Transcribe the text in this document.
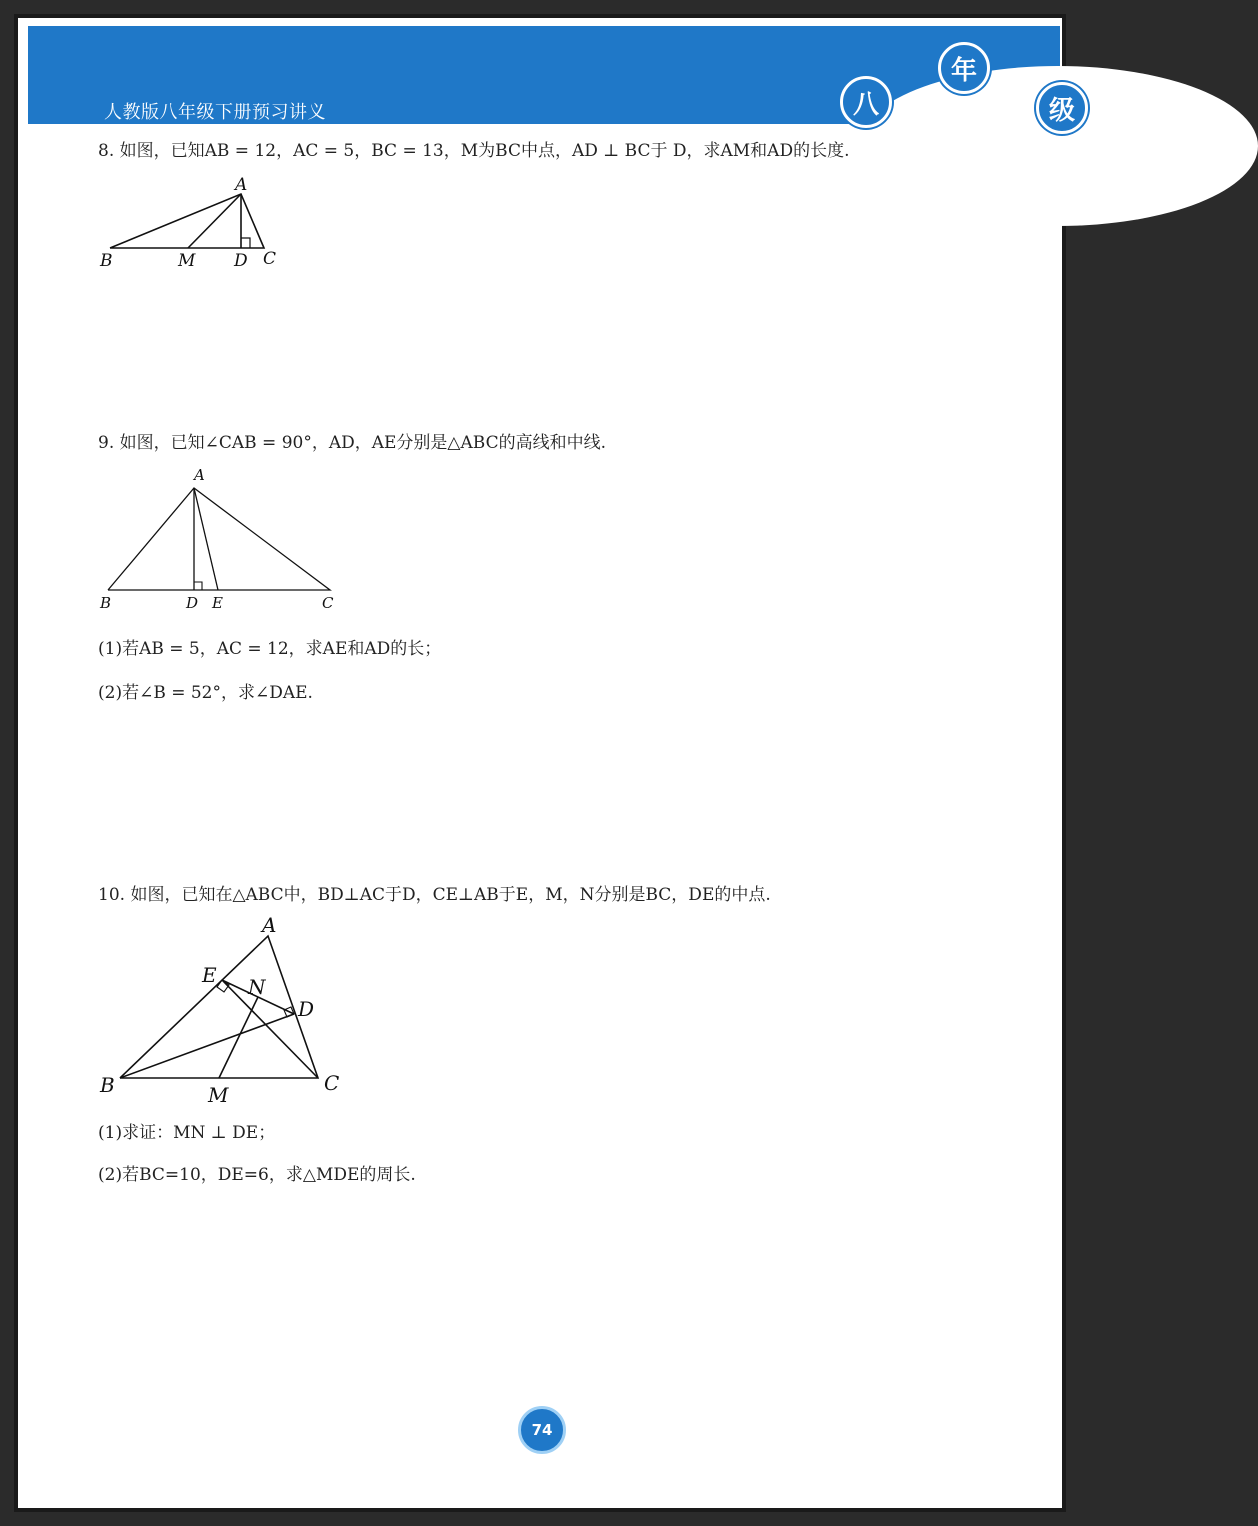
人教版八年级下册预习讲义	八
年
级
8. 如图，已知AB = 12，AC = 5，BC = 13，M为BC中点，AD ⊥ BC于 D，求AM和AD的长度.
A
B	M D C
9. 如图，已知∠CAB = 90°，AD，AE分别是△ABC的高线和中线.
A
B	D E	C
(1)若AB = 5，AC = 12，求AE和AD的长；
(2)若∠B = 52°，求∠DAE.
10. 如图，已知在△ABC中，BD⊥AC于D，CE⊥AB于E，M，N分别是BC，DE的中点.
A
E N
D
B	M	C
(1)求证：MN ⊥ DE；
(2)若BC=10，DE=6，求△MDE的周长.
74
